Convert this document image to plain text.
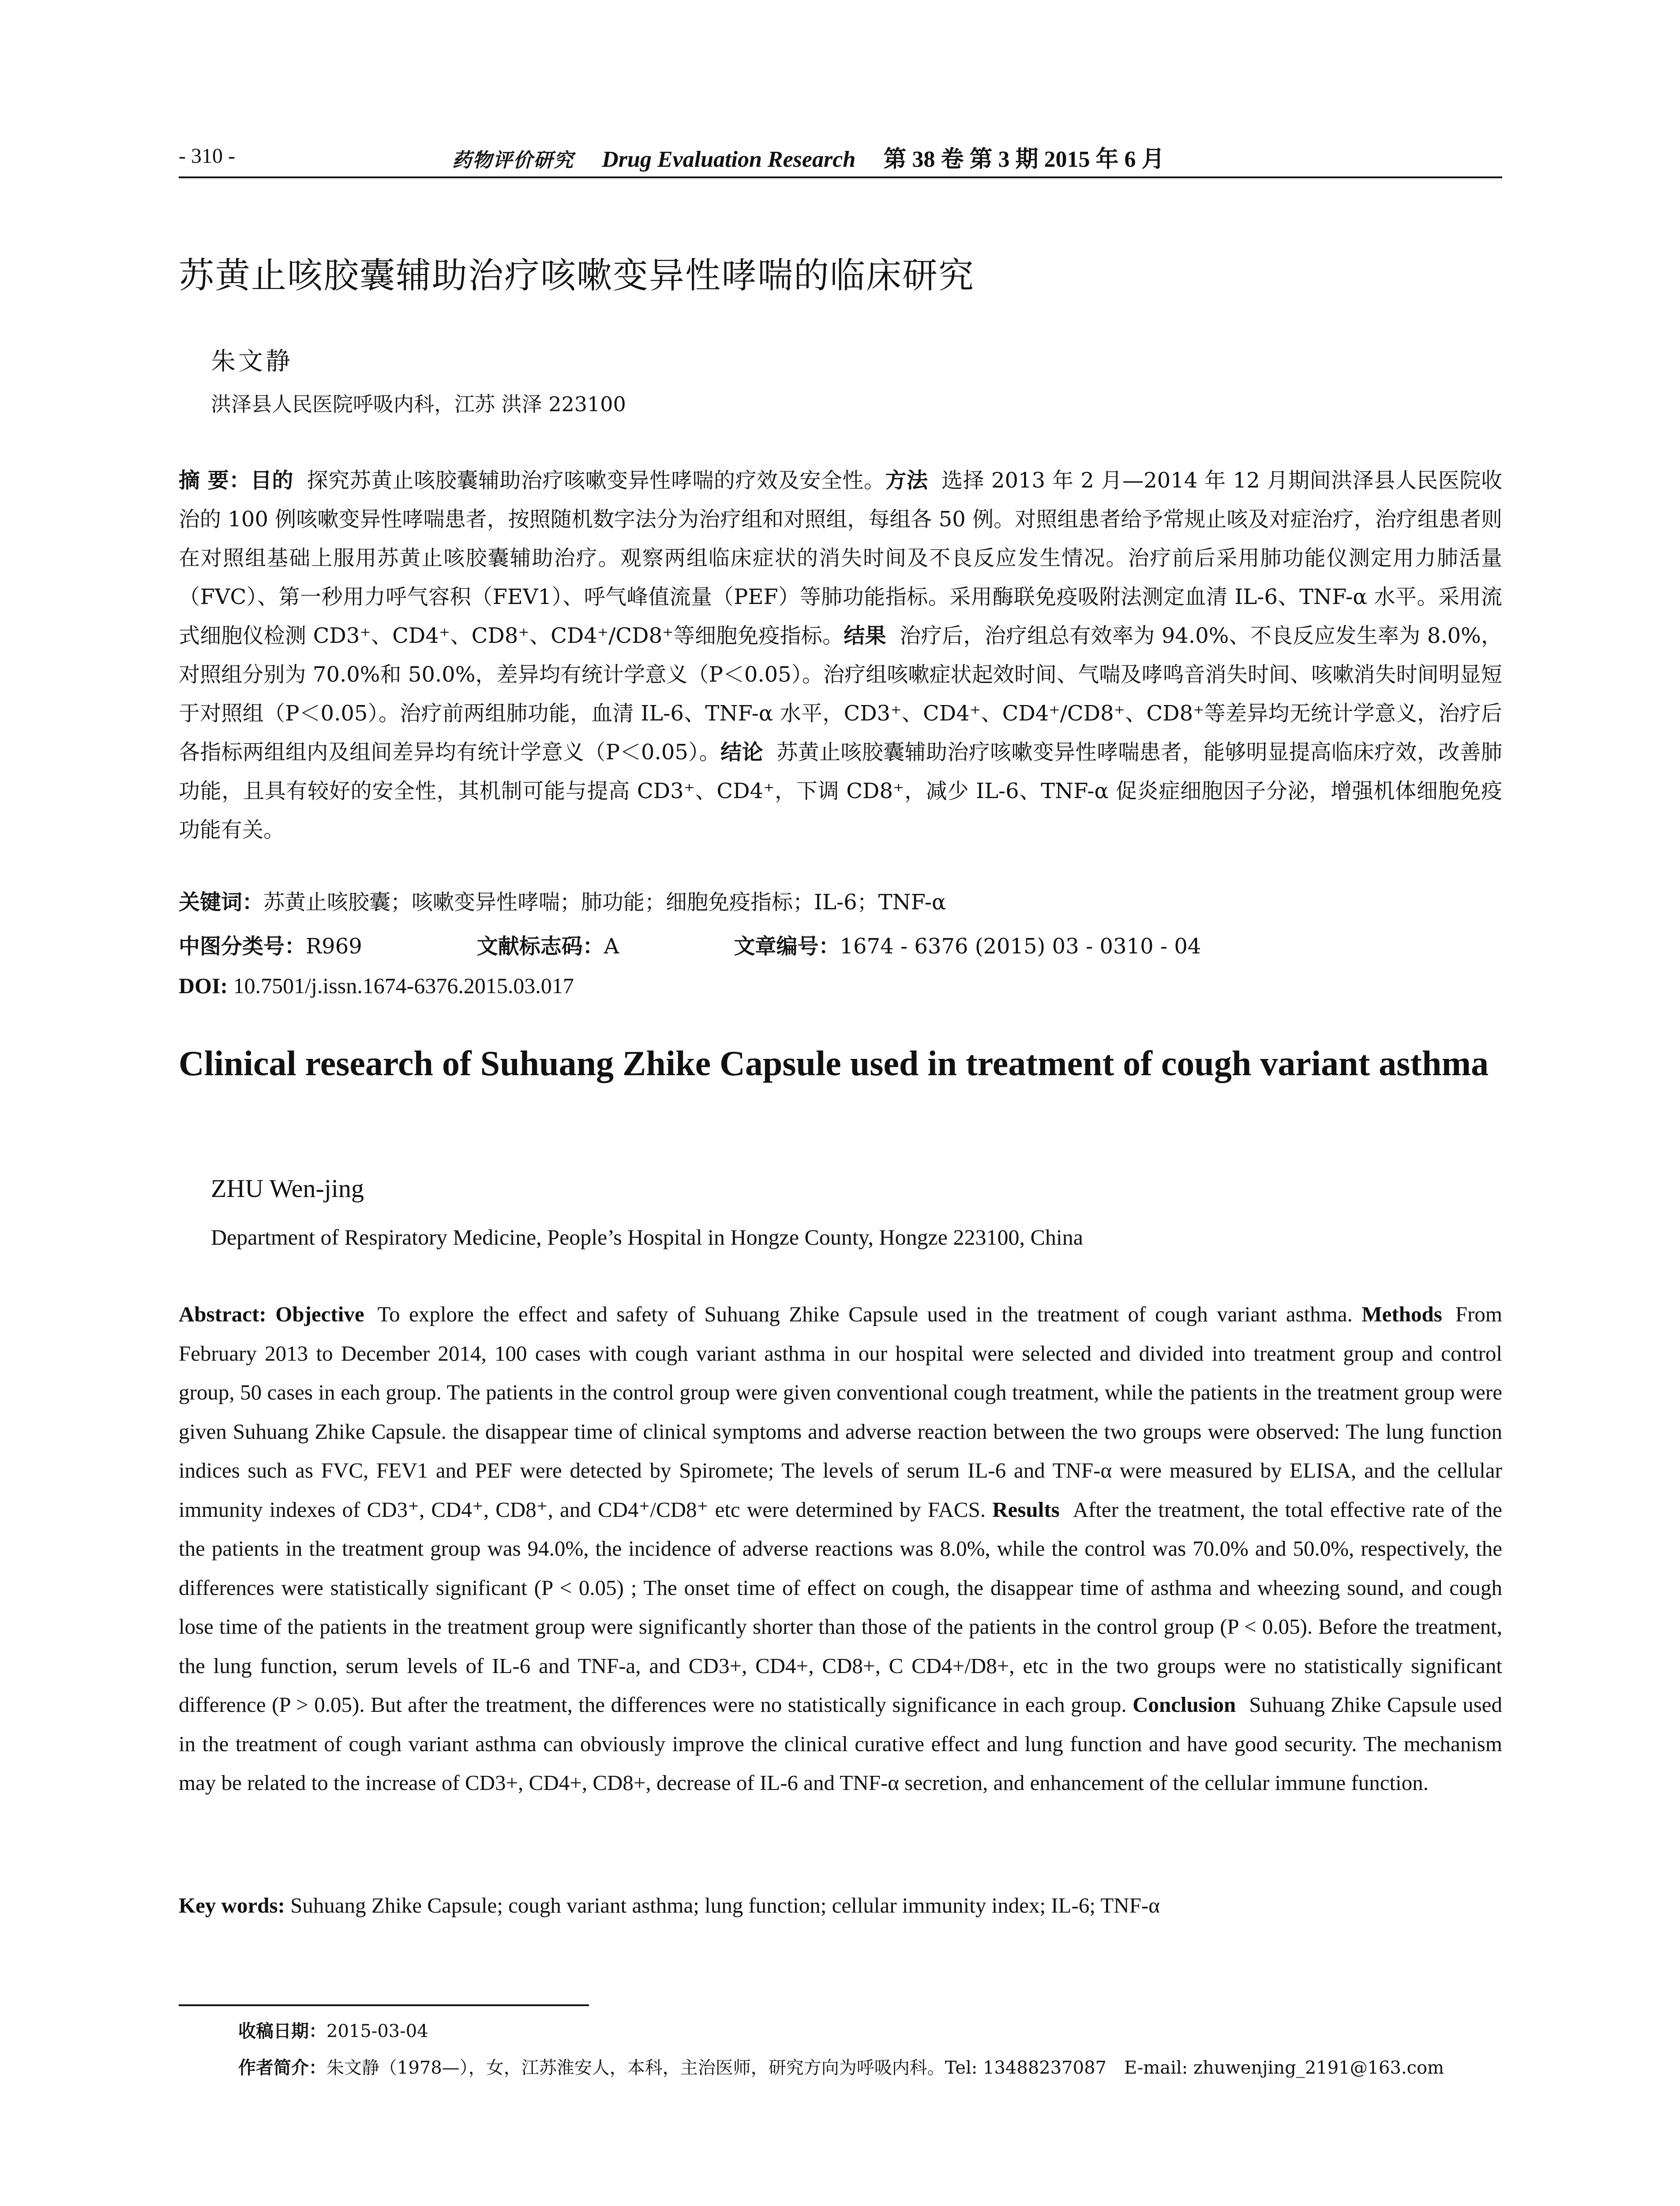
- 310 -	药物评价研究 Drug Evaluation Research 第 38 卷 第 3 期 2015 年 6 月
苏黄止咳胶囊辅助治疗咳嗽变异性哮喘的临床研究
朱文静
洪泽县人民医院呼吸内科，江苏 洪泽 223100
摘 要：目的 探究苏黄止咳胶囊辅助治疗咳嗽变异性哮喘的疗效及安全性。方法 选择 2013 年 2 月—2014 年 12 月期间洪泽县人民医院收治的 100 例咳嗽变异性哮喘患者，按照随机数字法分为治疗组和对照组，每组各 50 例。对照组患者给予常规止咳及对症治疗，治疗组患者则在对照组基础上服用苏黄止咳胶囊辅助治疗。观察两组临床症状的消失时间及不良反应发生情况。治疗前后采用肺功能仪测定用力肺活量（FVC）、第一秒用力呼气容积（FEV1）、呼气峰值流量（PEF）等肺功能指标。采用酶联免疫吸附法测定血清 IL-6、TNF-α 水平。采用流式细胞仪检测 CD3⁺、CD4⁺、CD8⁺、CD4⁺/CD8⁺等细胞免疫指标。结果 治疗后，治疗组总有效率为 94.0%、不良反应发生率为 8.0%，对照组分别为 70.0%和 50.0%，差异均有统计学意义（P＜0.05）。治疗组咳嗽症状起效时间、气喘及哮鸣音消失时间、咳嗽消失时间明显短于对照组（P＜0.05）。治疗前两组肺功能，血清 IL-6、TNF-α 水平，CD3⁺、CD4⁺、CD4⁺/CD8⁺、CD8⁺等差异均无统计学意义，治疗后各指标两组组内及组间差异均有统计学意义（P＜0.05）。结论 苏黄止咳胶囊辅助治疗咳嗽变异性哮喘患者，能够明显提高临床疗效，改善肺功能，且具有较好的安全性，其机制可能与提高 CD3⁺、CD4⁺，下调 CD8⁺，减少 IL-6、TNF-α 促炎症细胞因子分泌，增强机体细胞免疫功能有关。
关键词：苏黄止咳胶囊；咳嗽变异性哮喘；肺功能；细胞免疫指标；IL-6；TNF-α
中图分类号：R969	文献标志码：A	文章编号：1674 - 6376 (2015) 03 - 0310 - 04
DOI: 10.7501/j.issn.1674-6376.2015.03.017
Clinical research of Suhuang Zhike Capsule used in treatment of cough variant asthma
ZHU Wen-jing
Department of Respiratory Medicine, People’s Hospital in Hongze County, Hongze 223100, China
Abstract: Objective To explore the effect and safety of Suhuang Zhike Capsule used in the treatment of cough variant asthma. Methods From February 2013 to December 2014, 100 cases with cough variant asthma in our hospital were selected and divided into treatment group and control group, 50 cases in each group. The patients in the control group were given conventional cough treatment, while the patients in the treatment group were given Suhuang Zhike Capsule. the disappear time of clinical symptoms and adverse reaction between the two groups were observed: The lung function indices such as FVC, FEV1 and PEF were detected by Spiromete; The levels of serum IL-6 and TNF-α were measured by ELISA, and the cellular immunity indexes of CD3⁺, CD4⁺, CD8⁺, and CD4⁺/CD8⁺ etc were determined by FACS. Results After the treatment, the total effective rate of the the patients in the treatment group was 94.0%, the incidence of adverse reactions was 8.0%, while the control was 70.0% and 50.0%, respectively, the differences were statistically significant (P < 0.05) ; The onset time of effect on cough, the disappear time of asthma and wheezing sound, and cough lose time of the patients in the treatment group were significantly shorter than those of the patients in the control group (P < 0.05). Before the treatment, the lung function, serum levels of IL-6 and TNF-a, and CD3+, CD4+, CD8+, C CD4+/D8+, etc in the two groups were no statistically significant difference (P > 0.05). But after the treatment, the differences were no statistically significance in each group. Conclusion Suhuang Zhike Capsule used in the treatment of cough variant asthma can obviously improve the clinical curative effect and lung function and have good security. The mechanism may be related to the increase of CD3+, CD4+, CD8+, decrease of IL-6 and TNF-α secretion, and enhancement of the cellular immune function.
Key words: Suhuang Zhike Capsule; cough variant asthma; lung function; cellular immunity index; IL-6; TNF-α
收稿日期：2015-03-04
作者简介：朱文静（1978—），女，江苏淮安人，本科，主治医师，研究方向为呼吸内科。Tel: 13488237087　E-mail: zhuwenjing_2191@163.com
